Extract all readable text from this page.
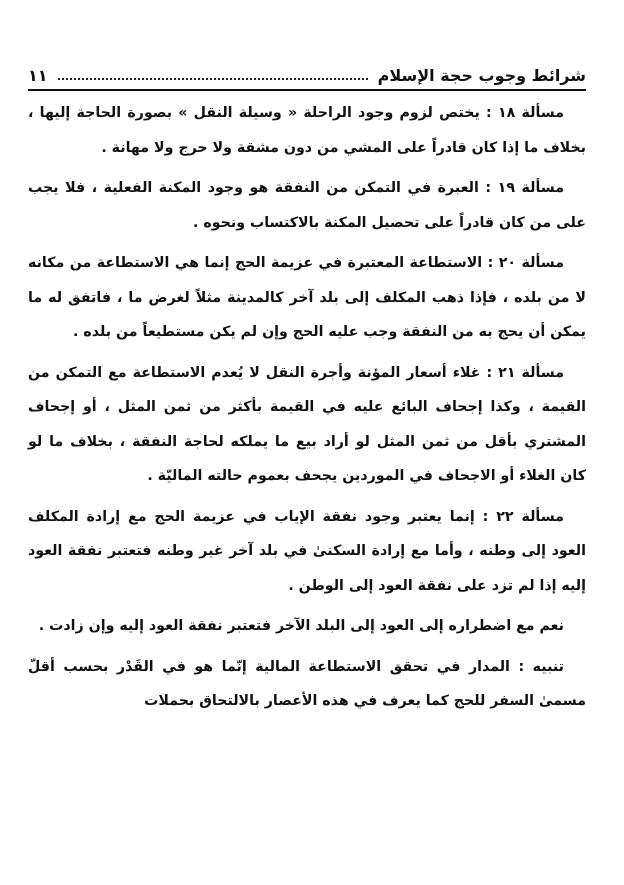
شرائط وجوب حجة الإسلام
١١

مسألة ١٨ : يختص لزوم وجود الراحلة « وسيلة النقل » بصورة الحاجة إليها ، بخلاف ما إذا كان قادراً على المشي من دون مشقة ولا حرج ولا مهانة .

مسألة ١٩ : العبرة في التمكن من النفقة هو وجود المكنة الفعلية ، فلا يجب على من كان قادراً على تحصيل المكنة بالاكتساب ونحوه .

مسألة ٢٠ : الاستطاعة المعتبرة في عزيمة الحج إنما هي الاستطاعة من مكانه لا من بلده ، فإذا ذهب المكلف إلى بلد آخر كالمدينة مثلاً لغرض ما ، فاتفق له ما يمكن أن يحج به من النفقة وجب عليه الحج وإن لم يكن مستطيعاً من بلده .

مسألة ٢١ : غلاء أسعار المؤنة وأجرة النقل لا يُعدم الاستطاعة مع التمكن من القيمة ، وكذا إجحاف البائع عليه في القيمة بأكثر من ثمن المثل ، أو إجحاف المشتري بأقل من ثمن المثل لو أراد بيع ما يملكه لحاجة النفقة ، بخلاف ما لو كان الغلاء أو الاجحاف في الموردين يجحف بعموم حالته الماليّة .

مسألة ٢٢ : إنما يعتبر وجود نفقة الإياب في عزيمة الحج مع إرادة المكلف العود إلى وطنه ، وأما مع إرادة السكنىٰ في بلد آخر غير وطنه فتعتبر نفقة العود إليه إذا لم تزد على نفقة العود إلى الوطن .

نعم مع اضطراره إلى العود إلى البلد الآخر فتعتبر نفقة العود إليه وإن زادت .

تنبيه : المدار في تحقق الاستطاعة المالية إنّما هو في القَدْر بحسب أقلّ مسمىٰ السفر للحج كما يعرف في هذه الأعصار بالالتحاق بحملات
